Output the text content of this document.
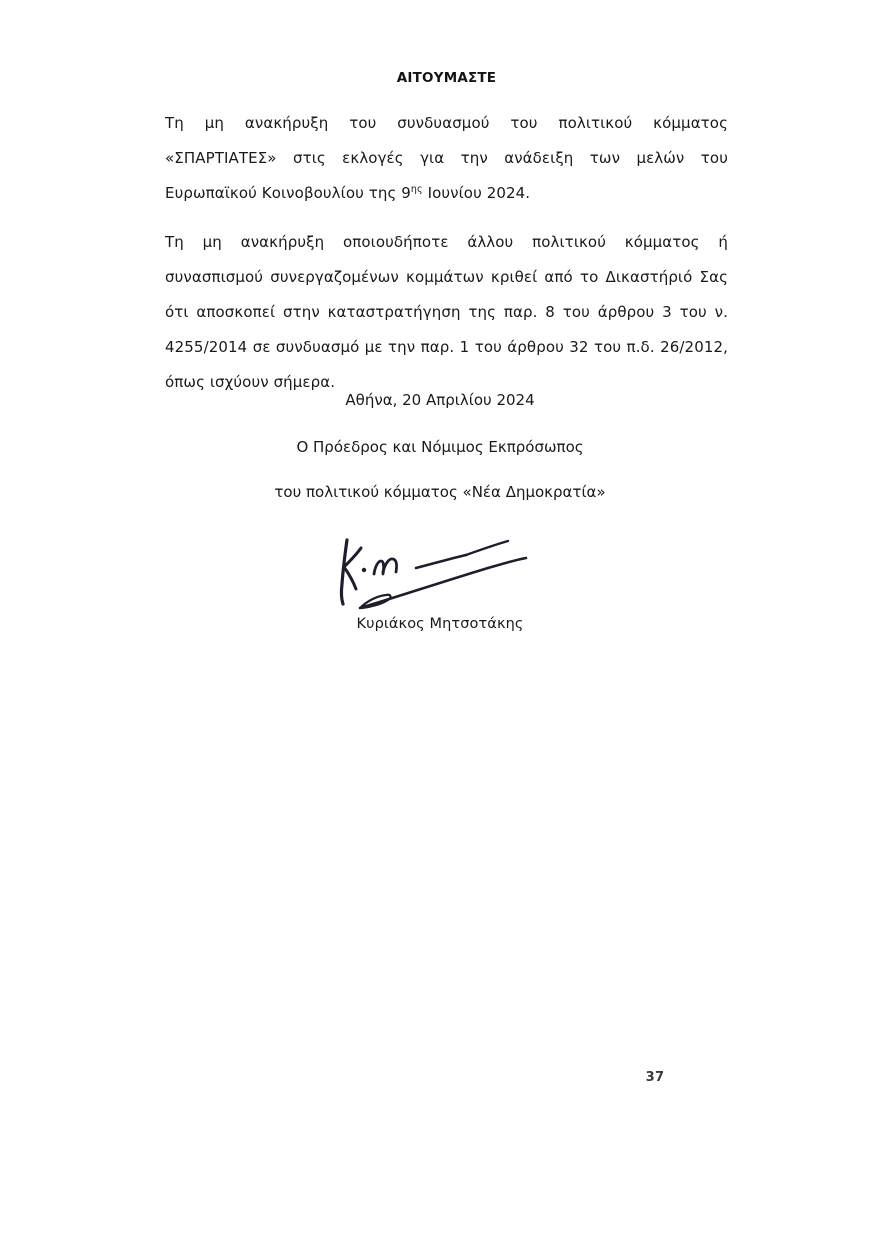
ΑΙΤΟΥΜΑΣΤΕ

Τη μη ανακήρυξη του συνδυασμού του πολιτικού κόμματος «ΣΠΑΡΤΙΑΤΕΣ» στις εκλογές για την ανάδειξη των μελών του Ευρωπαϊκού Κοινοβουλίου της $9^{\eta\varsigma}$ Ιουνίου 2024.

Τη μη ανακήρυξη οποιουδήποτε άλλου πολιτικού κόμματος ή συνασπισμού συνεργαζομένων κομμάτων κριθεί από το Δικαστήριό Σας ότι αποσκοπεί στην καταστρατήγηση της παρ. 8 του άρθρου 3 του ν. 4255/2014 σε συνδυασμό με την παρ. 1 του άρθρου 32 του π.δ. 26/2012, όπως ισχύουν σήμερα.

Αθήνα, 20 Απριλίου 2024
Ο Πρόεδρος και Νόμιμος Εκπρόσωπος
του πολιτικού κόμματος «Νέα Δημοκρατία»
Κυριάκος Μητσοτάκης
37
